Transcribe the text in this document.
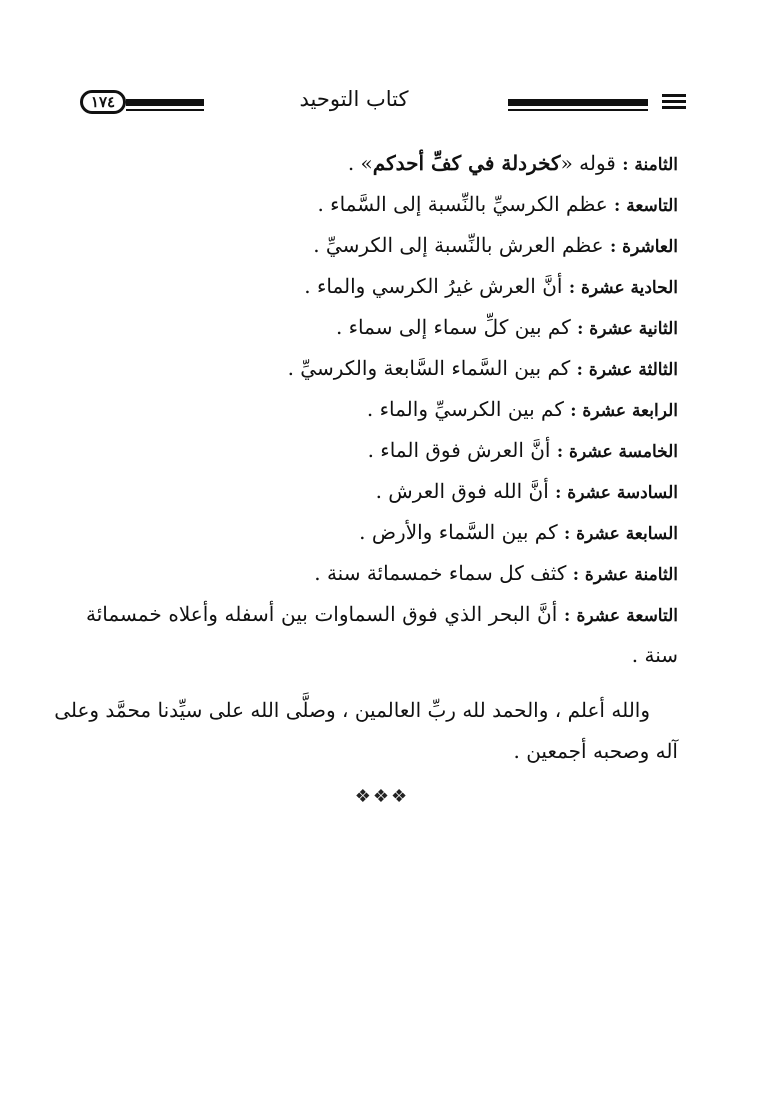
١٧٤	كتاب التوحيد
الثامنة : قوله «كخردلة في كفِّ أحدكم» .
التاسعة : عظم الكرسيِّ بالنِّسبة إلى السَّماء .
العاشرة : عظم العرش بالنِّسبة إلى الكرسيِّ .
الحادية عشرة : أنَّ العرش غيرُ الكرسي والماء .
الثانية عشرة : كم بين كلِّ سماء إلى سماء .
الثالثة عشرة : كم بين السَّماء السَّابعة والكرسيِّ .
الرابعة عشرة : كم بين الكرسيِّ والماء .
الخامسة عشرة : أنَّ العرش فوق الماء .
السادسة عشرة : أنَّ الله فوق العرش .
السابعة عشرة : كم بين السَّماء والأرض .
الثامنة عشرة : كثف كل سماء خمسمائة سنة .
التاسعة عشرة : أنَّ البحر الذي فوق السماوات بين أسفله وأعلاه خمسمائة
سنة .
والله أعلم ، والحمد لله ربِّ العالمين ، وصلَّى الله على سيِّدنا محمَّد وعلى
آله وصحبه أجمعين .
❖❖❖
